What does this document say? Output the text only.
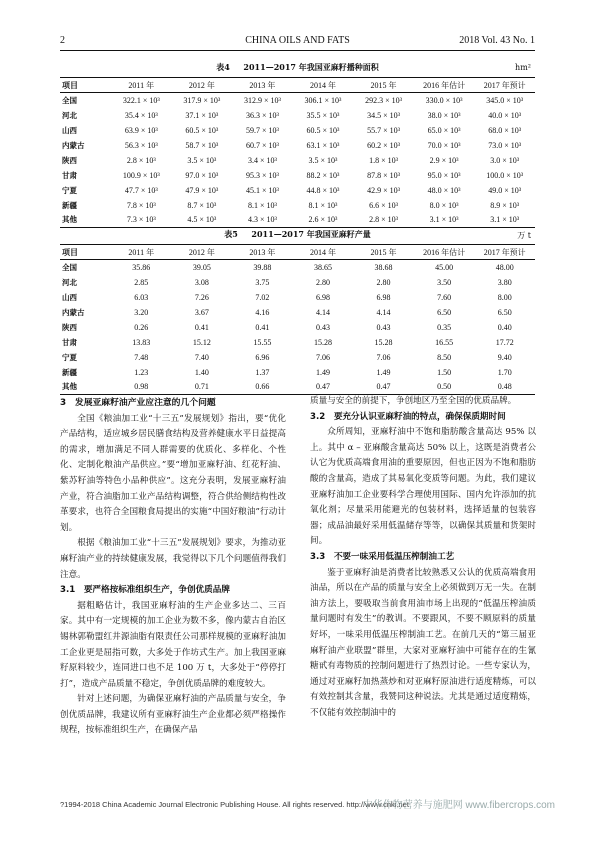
2	CHINA OILS AND FATS	2018 Vol. 43 No. 1
表4   2011—2017 年我国亚麻籽播种面积	hm²
项目	2011 年	2012 年	2013 年	2014 年	2015 年	2016 年估计	2017 年预计
全国	322.1 × 10³	317.9 × 10³	312.9 × 10³	306.1 × 10³	292.3 × 10³	330.0 × 10³	345.0 × 10³
河北	35.4 × 10³	37.1 × 10³	36.3 × 10³	35.5 × 10³	34.5 × 10³	38.0 × 10³	40.0 × 10³
山西	63.9 × 10³	60.5 × 10³	59.7 × 10³	60.5 × 10³	55.7 × 10³	65.0 × 10³	68.0 × 10³
内蒙古	56.3 × 10³	58.7 × 10³	60.7 × 10³	63.1 × 10³	60.2 × 10³	70.0 × 10³	73.0 × 10³
陕西	2.8 × 10³	3.5 × 10³	3.4 × 10³	3.5 × 10³	1.8 × 10³	2.9 × 10³	3.0 × 10³
甘肃	100.9 × 10³	97.0 × 10³	95.3 × 10³	88.2 × 10³	87.8 × 10³	95.0 × 10³	100.0 × 10³
宁夏	47.7 × 10³	47.9 × 10³	45.1 × 10³	44.8 × 10³	42.9 × 10³	48.0 × 10³	49.0 × 10³
新疆	7.8 × 10³	8.7 × 10³	8.1 × 10³	8.1 × 10³	6.6 × 10³	8.0 × 10³	8.9 × 10³
其他	7.3 × 10³	4.5 × 10³	4.3 × 10³	2.6 × 10³	2.8 × 10³	3.1 × 10³	3.1 × 10³
表5   2011—2017 年我国亚麻籽产量	万 t
项目	2011 年	2012 年	2013 年	2014 年	2015 年	2016 年估计	2017 年预计
全国	35.86	39.05	39.88	38.65	38.68	45.00	48.00
河北	2.85	3.08	3.75	2.80	2.80	3.50	3.80
山西	6.03	7.26	7.02	6.98	6.98	7.60	8.00
内蒙古	3.20	3.67	4.16	4.14	4.14	6.50	6.50
陕西	0.26	0.41	0.41	0.43	0.43	0.35	0.40
甘肃	13.83	15.12	15.55	15.28	15.28	16.55	17.72
宁夏	7.48	7.40	6.96	7.06	7.06	8.50	9.40
新疆	1.23	1.40	1.37	1.49	1.49	1.50	1.70
其他	0.98	0.71	0.66	0.47	0.47	0.50	0.48
3　发展亚麻籽油产业应注意的几个问题

全国《粮油加工业“十三五”发展规划》指出，要“优化产品结构，适应城乡居民膳食结构及营养健康水平日益提高的需求，增加满足不同人群需要的优质化、多样化、个性化、定制化粮油产品供应。”要“增加亚麻籽油、红花籽油、紫苏籽油等特色小品种供应”。这充分表明，发展亚麻籽油产业，符合油脂加工业产品结构调整，符合供给侧结构性改革要求，也符合全国粮食局提出的实施“中国好粮油”行动计划。

根据《粮油加工业“十三五”发展规划》要求，为推动亚麻籽油产业的持续健康发展，我觉得以下几个问题值得我们注意。

3.1　要严格按标准组织生产，争创优质品牌

据粗略估计，我国亚麻籽油的生产企业多达二、三百家。其中有一定规模的加工企业为数不多，像内蒙古自治区锡林郭勒盟红井源油脂有限责任公司那样规模的亚麻籽油加工企业更是屈指可数，大多处于作坊式生产。加上我国亚麻籽原料较少，连同进口也不足 100 万 t，大多处于“停停打打”，造成产品质量不稳定，争创优质品牌的难度较大。

针对上述问题，为确保亚麻籽油的产品质量与安全，争创优质品牌，我建议所有亚麻籽油生产企业都必须严格操作规程，按标准组织生产，在确保产品

质量与安全的前提下，争创地区乃至全国的优质品牌。

3.2　要充分认识亚麻籽油的特点，确保保质期时间

众所周知，亚麻籽油中不饱和脂肪酸含量高达 95% 以上。其中 α – 亚麻酸含量高达 50% 以上，这既是消费者公认它为优质高端食用油的重要原因，但也正因为不饱和脂肪酸的含量高，造成了其易氧化变质等问题。为此，我们建议亚麻籽油加工企业要科学合理使用国际、国内允许添加的抗氧化剂；尽量采用能避光的包装材料，选择适量的包装容器；成品油最好采用低温储存等等，以确保其质量和货架时间。

3.3　不要一味采用低温压榨制油工艺

鉴于亚麻籽油是消费者比较熟悉又公认的优质高端食用油品，所以在产品的质量与安全上必须做到万无一失。在制油方法上，要吸取当前食用油市场上出现的“低温压榨油质量问题时有发生”的教训。不要跟风，不要不顾原料的质量好坏，一味采用低温压榨制油工艺。在前几天的“第三届亚麻籽油产业联盟”群里，大家对亚麻籽油中可能存在的生氰糖甙有毒物质的控制问题进行了热烈讨论。一些专家认为，通过对亚麻籽加热蒸炒和对亚麻籽原油进行适度精炼，可以有效控制其含量，我赞同这种说法。尤其是通过适度精炼，不仅能有效控制油中的

?1994-2018 China Academic Journal Electronic Publishing House. All rights reserved. http://www.cnki.net
中华作物营养与施肥网 www.fibercrops.com
